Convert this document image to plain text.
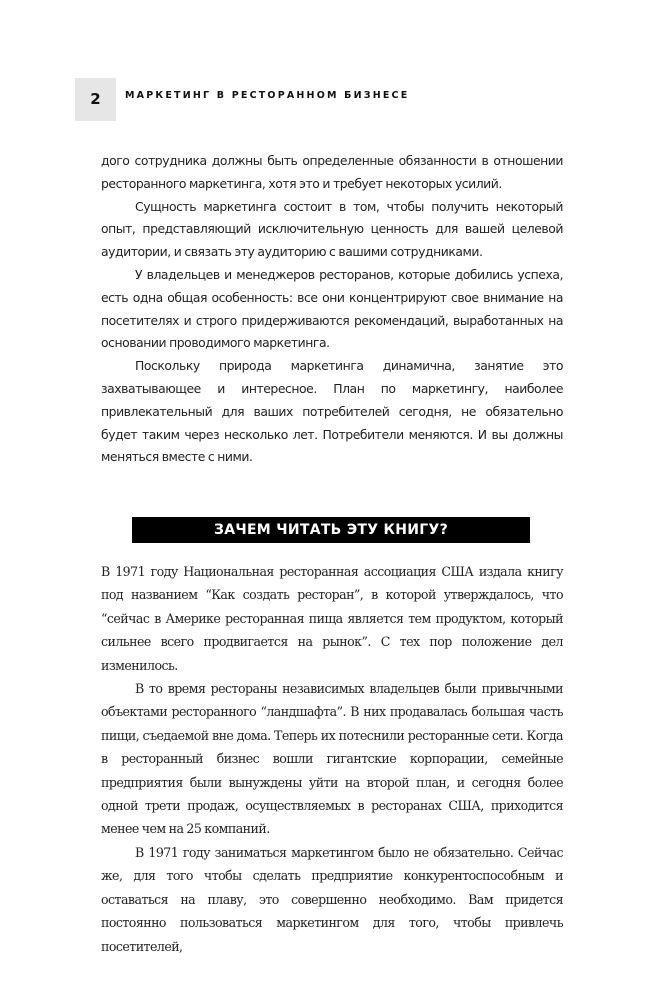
2	МАРКЕТИНГ В РЕСТОРАННОМ БИЗНЕСЕ

дого сотрудника должны быть определенные обязанности в отношении ресторанного маркетинга, хотя это и требует некоторых усилий.

Сущность маркетинга состоит в том, чтобы получить некоторый опыт, представляющий исключительную ценность для вашей целевой аудитории, и связать эту аудиторию с вашими сотрудниками.

У владельцев и менеджеров ресторанов, которые добились успеха, есть одна общая особенность: все они концентрируют свое внимание на посетителях и строго придерживаются рекомендаций, выработанных на основании проводимого маркетинга.

Поскольку природа маркетинга динамична, занятие это захватывающее и интересное. План по маркетингу, наиболее привлекательный для ваших потребителей сегодня, не обязательно будет таким через несколько лет. Потребители меняются. И вы должны меняться вместе с ними.

ЗАЧЕМ ЧИТАТЬ ЭТУ КНИГУ?

В 1971 году Национальная ресторанная ассоциация США издала книгу под названием “Как создать ресторан”, в которой утверждалось, что “сейчас в Америке ресторанная пища является тем продуктом, который сильнее всего продвигается на рынок”. С тех пор положение дел изменилось.

В то время рестораны независимых владельцев были привычными объектами ресторанного “ландшафта”. В них продавалась большая часть пищи, съедаемой вне дома. Теперь их потеснили ресторанные сети. Когда в ресторанный бизнес вошли гигантские корпорации, семейные предприятия были вынуждены уйти на второй план, и сегодня более одной трети продаж, осуществляемых в ресторанах США, приходится менее чем на 25 компаний.

В 1971 году заниматься маркетингом было не обязательно. Сейчас же, для того чтобы сделать предприятие конкурентоспособным и оставаться на плаву, это совершенно необходимо. Вам придется постоянно пользоваться маркетингом для того, чтобы привлечь посетителей,
